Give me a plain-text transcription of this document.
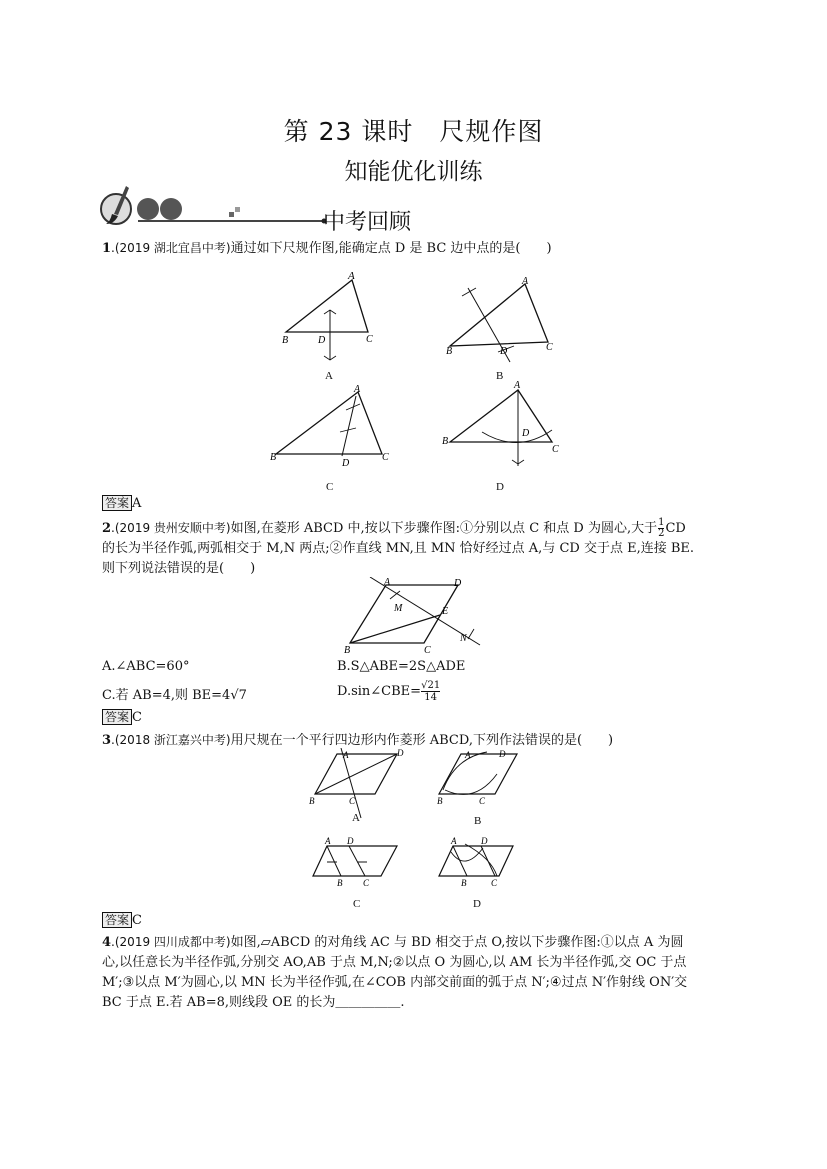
第 23 课时　尺规作图
知能优化训练
中考回顾
1.(2019 湖北宜昌中考)通过如下尺规作图,能确定点 D 是 BC 边中点的是(　　)
A
B	D	C
A
B	D	C
A
B
D
C
A
B
D
C
A	B
C	D
答案 A
2.(2019 贵州安顺中考)如图,在菱形 ABCD 中,按以下步骤作图:①分别以点 C 和点 D 为圆心,大于 $\frac{1}{2}$ CD
的长为半径作弧,两弧相交于 M,N 两点;②作直线 MN,且 MN 恰好经过点 A,与 CD 交于点 E,连接 BE.
则下列说法错误的是(　　)
A	D
M	E
B	C
N
A.∠ABC=60°	B.S△ABE=2S△ADE
C.若 AB=4,则 BE=4√7	D.sin∠CBE= $\frac{√21}{14}$
答案 C
3.(2018 浙江嘉兴中考)用尺规在一个平行四边形内作菱形 ABCD,下列作法错误的是(　　)
A	D
B	C
A	D
B	C
A D
B C
A	D
B	C
A	B
C	D
答案 C
4.(2019 四川成都中考)如图,▱ABCD 的对角线 AC 与 BD 相交于点 O,按以下步骤作图:①以点 A 为圆
心,以任意长为半径作弧,分别交 AO,AB 于点 M,N;②以点 O 为圆心,以 AM 长为半径作弧,交 OC 于点
M′;③以点 M′为圆心,以 MN 长为半径作弧,在∠COB 内部交前面的弧于点 N′;④过点 N′作射线 ON′交
BC 于点 E.若 AB=8,则线段 OE 的长为＿＿＿＿＿.
